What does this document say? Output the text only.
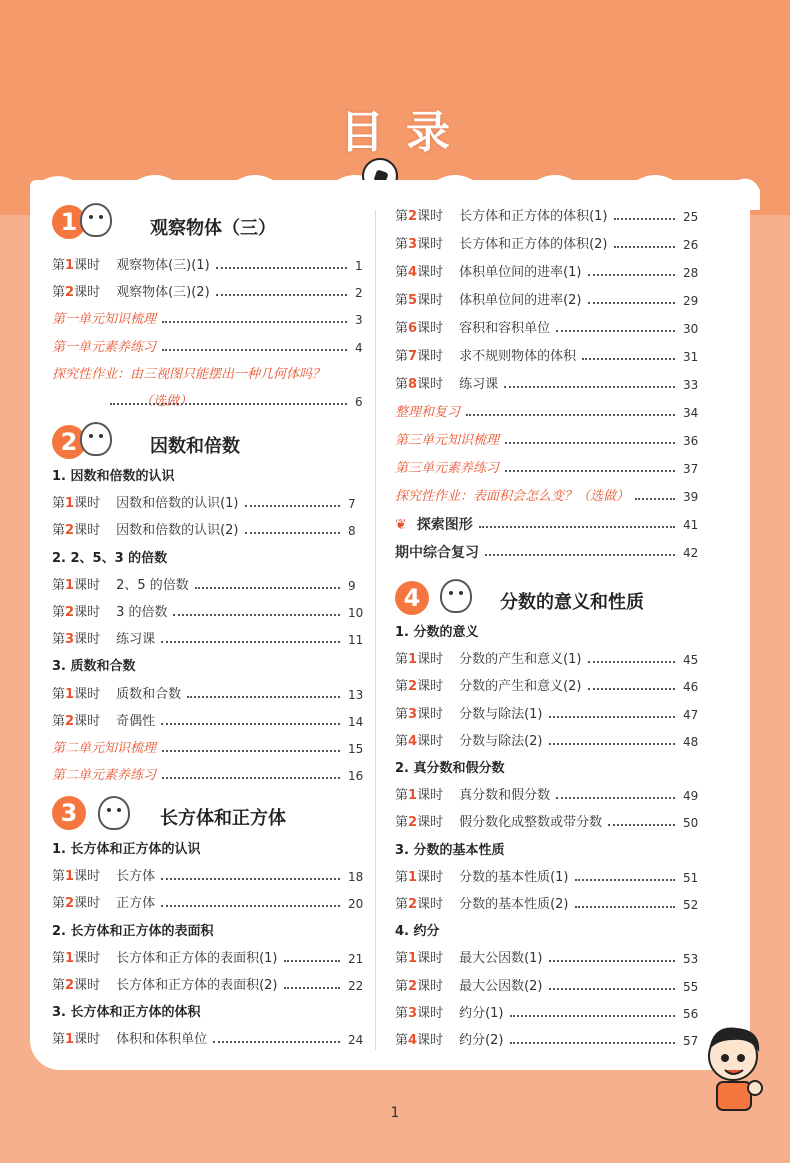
目录
1	观察物体（三）
2	因数和倍数
3	长方体和正方体
4	分数的意义和性质
第1课时 观察物体(三)(1)	1
第2课时 观察物体(三)(2)	2
第一单元知识梳理	3
第一单元素养练习	4
探究性作业：由三视图只能摆出一种几何体吗？
（选做）	6
1. 因数和倍数的认识
第1课时 因数和倍数的认识(1)	7
第2课时 因数和倍数的认识(2)	8
2. 2、5、3 的倍数
第1课时 2、5 的倍数	9
第2课时 3 的倍数	10
第3课时 练习课	11
3. 质数和合数
第1课时 质数和合数	13
第2课时 奇偶性	14
第二单元知识梳理	15
第二单元素养练习	16
1. 长方体和正方体的认识
第1课时 长方体	18
第2课时 正方体	20
2. 长方体和正方体的表面积
第1课时 长方体和正方体的表面积(1)	21
第2课时 长方体和正方体的表面积(2)	22
3. 长方体和正方体的体积
第1课时 体积和体积单位	24
第2课时 长方体和正方体的体积(1)	25
第3课时 长方体和正方体的体积(2)	26
第4课时 体积单位间的进率(1)	28
第5课时 体积单位间的进率(2)	29
第6课时 容积和容积单位	30
第7课时 求不规则物体的体积	31
第8课时 练习课	33
整理和复习	34
第三单元知识梳理	36
第三单元素养练习	37
探究性作业：表面积会怎么变？（选做）	39
❦ 探索图形	41
期中综合复习	42
1. 分数的意义
第1课时 分数的产生和意义(1)	45
第2课时 分数的产生和意义(2)	46
第3课时 分数与除法(1)	47
第4课时 分数与除法(2)	48
2. 真分数和假分数
第1课时 真分数和假分数	49
第2课时 假分数化成整数或带分数	50
3. 分数的基本性质
第1课时 分数的基本性质(1)	51
第2课时 分数的基本性质(2)	52
4. 约分
第1课时 最大公因数(1)	53
第2课时 最大公因数(2)	55
第3课时 约分(1)	56
第4课时 约分(2)	57
1
